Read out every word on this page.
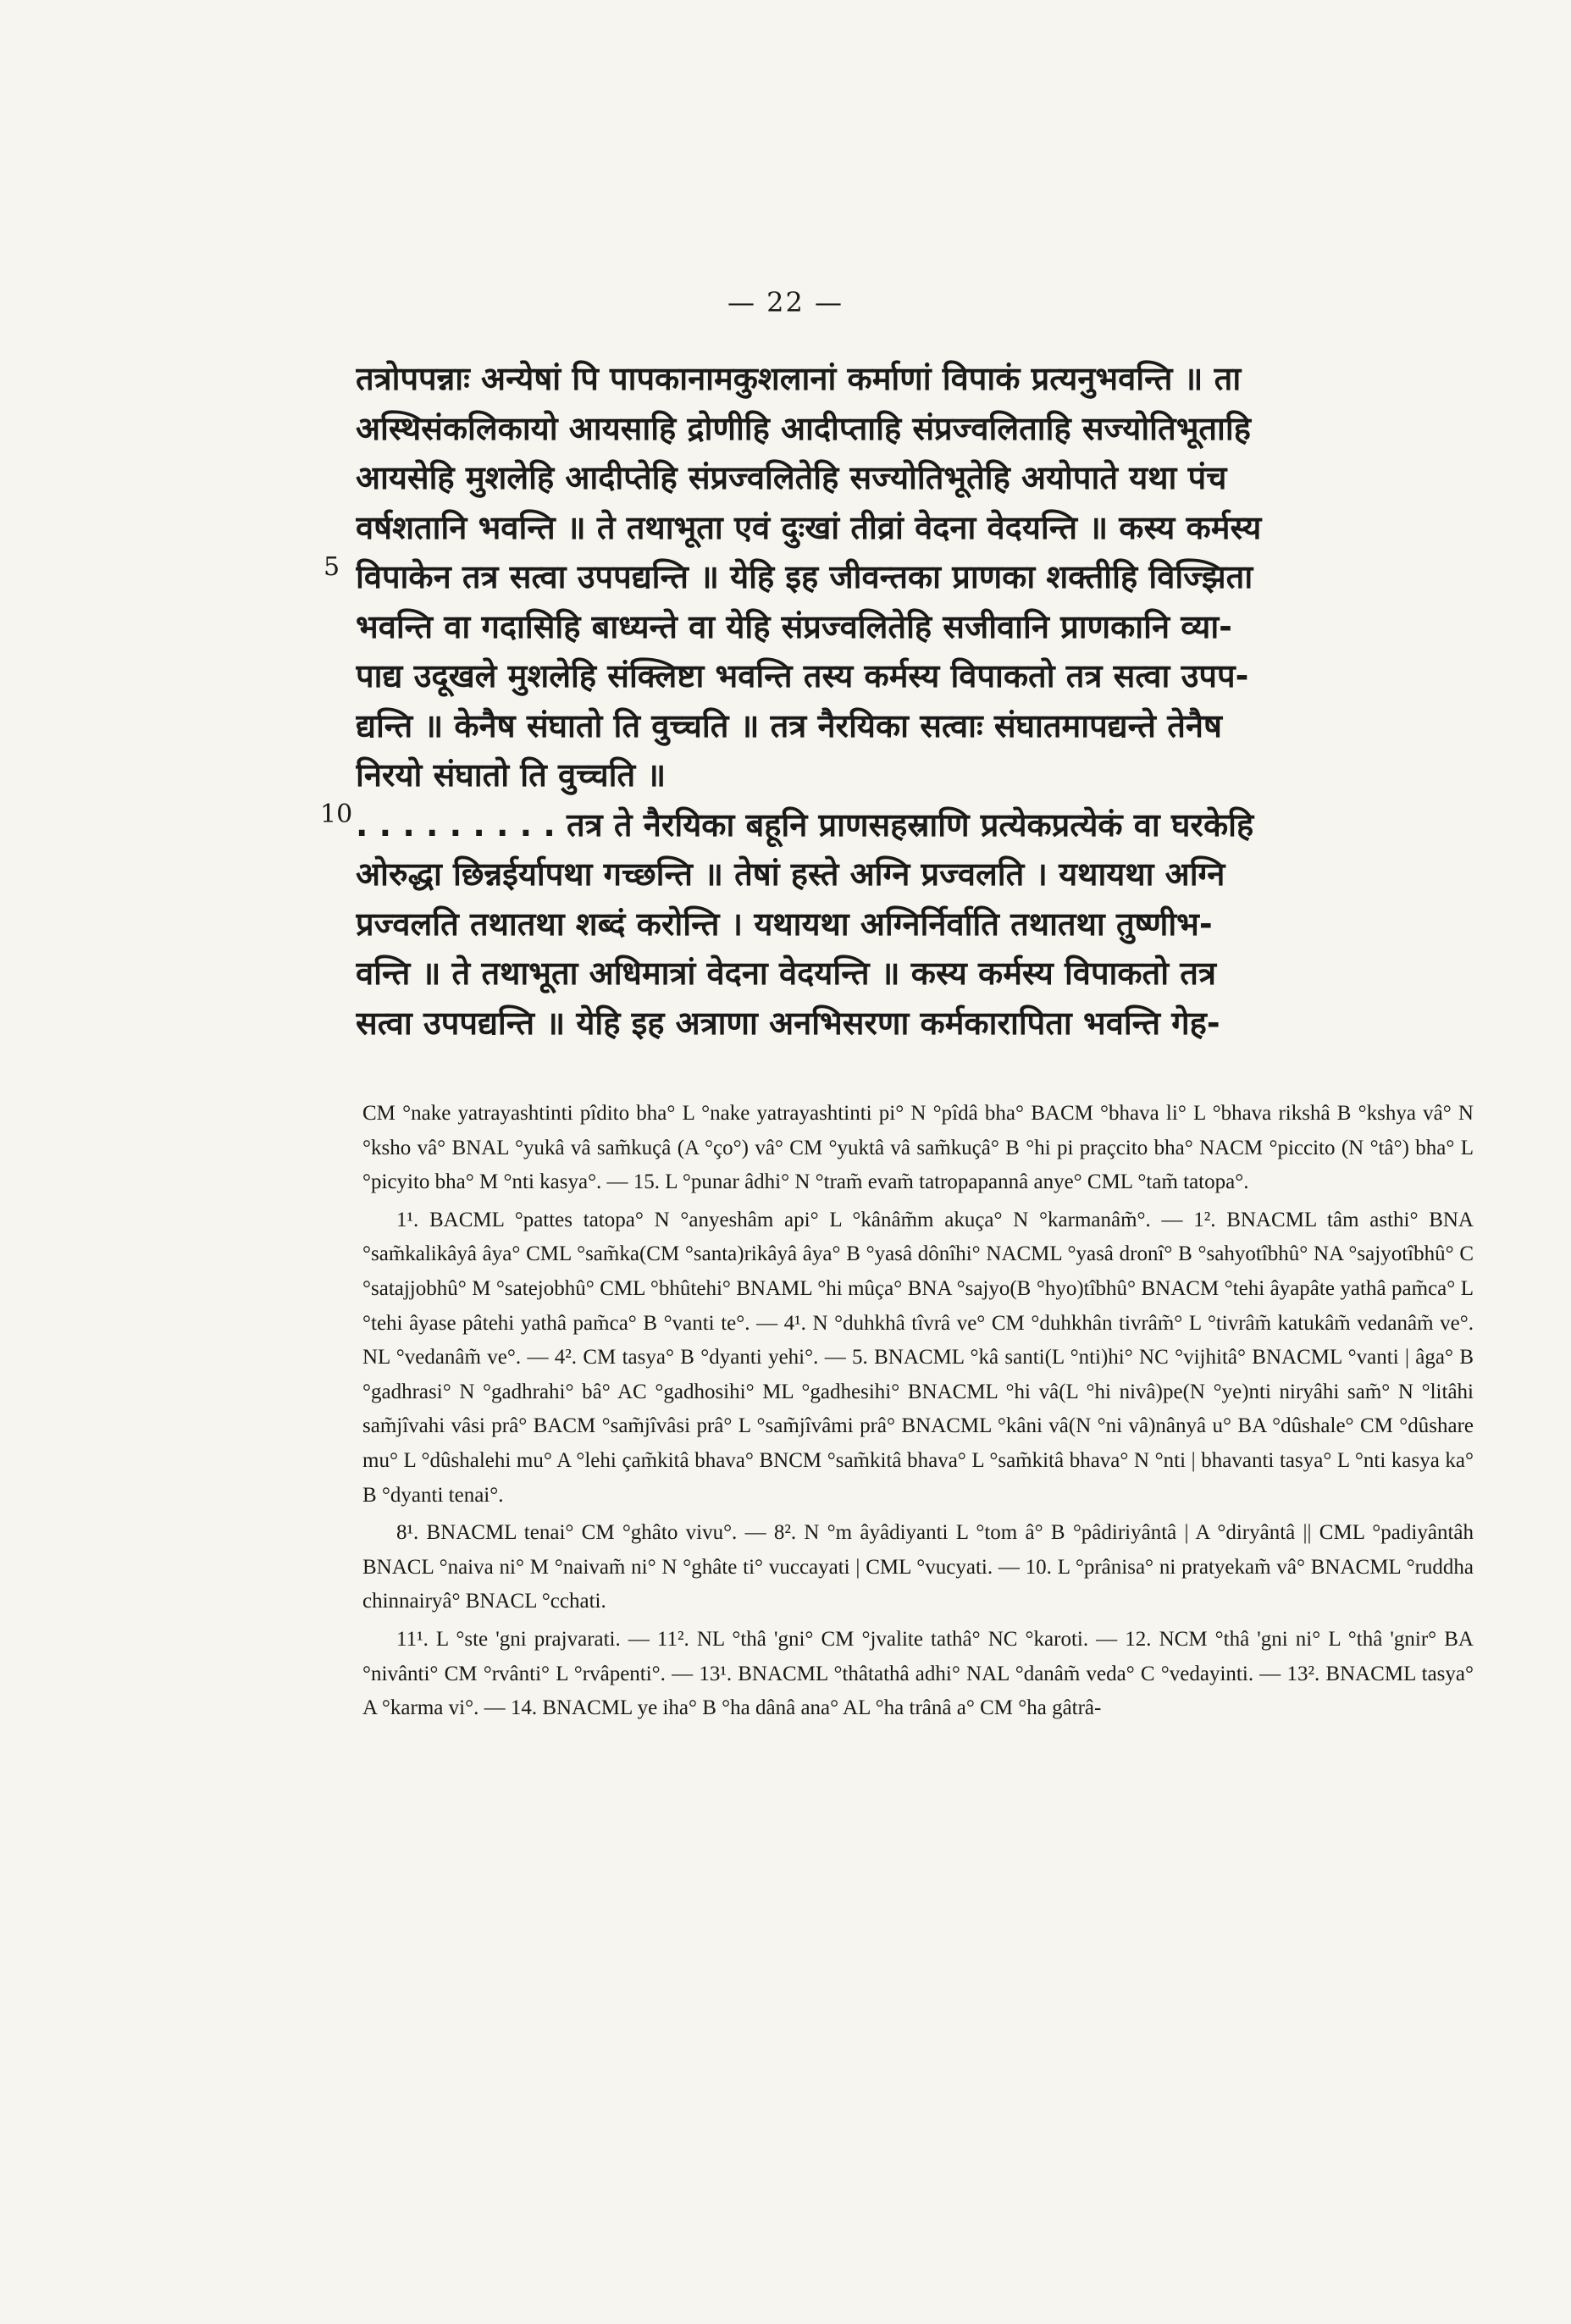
— 22 —
5
10
तत्रोपपन्नाः अन्येषां पि पापकानामकुशलानां कर्माणां विपाकं प्रत्यनुभवन्ति ॥ ता
अस्थिसंकलिकायो आयसाहि द्रोणीहि आदीप्ताहि संप्रज्वलिताहि सज्योतिभूताहि
आयसेहि मुशलेहि आदीप्तेहि संप्रज्वलितेहि सज्योतिभूतेहि अयोपाते यथा पंच
वर्षशतानि भवन्ति ॥ ते तथाभूता एवं दुःखां तीव्रां वेदना वेदयन्ति ॥ कस्य कर्मस्य
विपाकेन तत्र सत्वा उपपद्यन्ति ॥ येहि इह जीवन्तका प्राणका शक्तीहि विज्झिता
भवन्ति वा गदासिहि बाध्यन्ते वा येहि संप्रज्वलितेहि सजीवानि प्राणकानि व्या-
पाद्य उदूखले मुशलेहि संक्लिष्टा भवन्ति तस्य कर्मस्य विपाकतो तत्र सत्वा उपप-
द्यन्ति ॥ केनैष संघातो ति वुच्चति ॥ तत्र नैरयिका सत्वाः संघातमापद्यन्ते तेनैष
निरयो संघातो ति वुच्चति ॥
. . . . . . . . . तत्र ते नैरयिका बहूनि प्राणसहस्राणि प्रत्येकप्रत्येकं वा घरकेहि
ओरुद्धा छिन्नईर्यापथा गच्छन्ति ॥ तेषां हस्ते अग्नि प्रज्वलति । यथायथा अग्नि
प्रज्वलति तथातथा शब्दं करोन्ति । यथायथा अग्निर्निर्वाति तथातथा तुष्णीभ-
वन्ति ॥ ते तथाभूता अधिमात्रां वेदना वेदयन्ति ॥ कस्य कर्मस्य विपाकतो तत्र
सत्वा उपपद्यन्ति ॥ येहि इह अत्राणा अनभिसरणा कर्मकारापिता भवन्ति गेह-

CM °nake yatrayashtinti pîdito bha° L °nake yatrayashtinti pi° N °pîdâ bha° BACM °bhava li° L °bhava rikshâ B °kshya vâ° N °ksho vâ° BNAL °yukâ vâ sam̃kuçâ (A °ço°) vâ° CM °yuktâ vâ sam̃kuçâ° B °hi pi praçcito bha° NACM °piccito (N °tâ°) bha° L °picyito bha° M °nti kasya°. — 15. L °punar âdhi° N °tram̃ evam̃ tatropapannâ anye° CML °tam̃ tatopa°.

1¹. BACML °pattes tatopa° N °anyeshâm api° L °kânâm̃m akuça° N °karmanâm̃°. — 1². BNACML tâm asthi° BNA °sam̃kalikâyâ âya° CML °sam̃ka(CM °santa)rikâyâ âya° B °yasâ dônîhi° NACML °yasâ dronî° B °sahyotîbhû° NA °sajyotîbhû° C °satajjobhû° M °satejobhû° CML °bhûtehi° BNAML °hi mûça° BNA °sajyo(B °hyo)tîbhû° BNACM °tehi âyapâte yathâ pam̃ca° L °tehi âyase pâtehi yathâ pam̃ca° B °vanti te°. — 4¹. N °duhkhâ tîvrâ ve° CM °duhkhân tivrâm̃° L °tivrâm̃ katukâm̃ vedanâm̃ ve°. NL °vedanâm̃ ve°. — 4². CM tasya° B °dyanti yehi°. — 5. BNACML °kâ santi(L °nti)hi° NC °vijhitâ° BNACML °vanti | âga° B °gadhrasi° N °gadhrahi° bâ° AC °gadhosihi° ML °gadhesihi° BNACML °hi vâ(L °hi nivâ)pe(N °ye)nti niryâhi sam̃° N °litâhi sam̃jîvahi vâsi prâ° BACM °sam̃jîvâsi prâ° L °sam̃jîvâmi prâ° BNACML °kâni vâ(N °ni vâ)nânyâ u° BA °dûshale° CM °dûshare mu° L °dûshalehi mu° A °lehi çam̃kitâ bhava° BNCM °sam̃kitâ bhava° L °sam̃kitâ bhava° N °nti | bhavanti tasya° L °nti kasya ka° B °dyanti tenai°.

8¹. BNACML tenai° CM °ghâto vivu°. — 8². N °m âyâdiyanti L °tom â° B °pâdiriyântâ | A °diryântâ || CML °padiyântâh BNACL °naiva ni° M °naivam̃ ni° N °ghâte ti° vuccayati | CML °vucyati. — 10. L °prânisa° ni pratyekam̃ vâ° BNACML °ruddha chinnairyâ° BNACL °cchati.

11¹. L °ste 'gni prajvarati. — 11². NL °thâ 'gni° CM °jvalite tathâ° NC °karoti. — 12. NCM °thâ 'gni ni° L °thâ 'gnir° BA °nivânti° CM °rvânti° L °rvâpenti°. — 13¹. BNACML °thâtathâ adhi° NAL °danâm̃ veda° C °vedayinti. — 13². BNACML tasya° A °karma vi°. — 14. BNACML ye iha° B °ha dânâ ana° AL °ha trânâ a° CM °ha gâtrâ-
